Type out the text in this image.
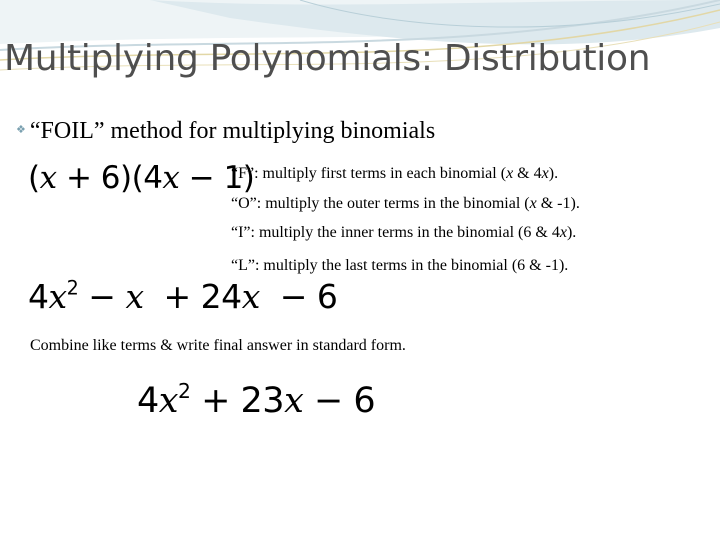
Multiplying Polynomials: Distribution
❖ “FOIL” method for multiplying binomials
(x + 6)(4x − 1)
“F”: multiply first terms in each binomial (x & 4x).
“O”: multiply the outer terms in the binomial (x & -1).
“I”: multiply the inner terms in the binomial (6 & 4x).
“L”: multiply the last terms in the binomial (6 & -1).
$4x^2 - x + 24x - 6$
Combine like terms & write final answer in standard form.
$4x^2 + 23x - 6$
